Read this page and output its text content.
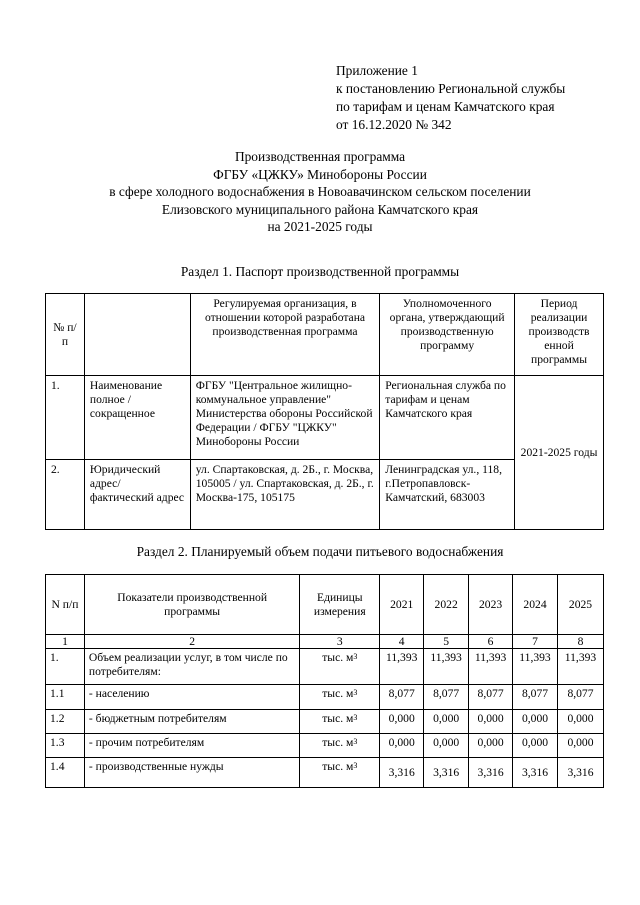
Приложение 1
к постановлению Региональной службы
по тарифам и ценам Камчатского края
от 16.12.2020 № 342
Производственная программа
ФГБУ «ЦЖКУ» Минобороны России
в сфере холодного водоснабжения в Новоавачинском сельском поселении
Елизовского муниципального района Камчатского края
на 2021-2025 годы
Раздел 1. Паспорт производственной программы
№ п/п		Регулируемая организация, в отношении которой разработана производственная программа	Уполномоченного органа, утверждающий производственную программу	Период реализации производств енной программы
1.	Наименование полное / сокращенное	ФГБУ "Центральное жилищно-коммунальное управление" Министерства обороны Российской Федерации / ФГБУ "ЦЖКУ" Минобороны России	Региональная служба по тарифам и ценам Камчатского края	2021-2025 годы
2.	Юридический адрес/ фактический адрес	ул. Спартаковская, д. 2Б., г. Москва, 105005 / ул. Спартаковская, д. 2Б., г. Москва-175, 105175	Ленинградская ул., 118, г.Петропавловск-Камчатский, 683003	
Раздел 2. Планируемый объем подачи питьевого водоснабжения
N п/п	Показатели производственной программы	Единицы измерения	2021	2022	2023	2024	2025
1	2	3	4	5	6	7	8
1.	Объем реализации услуг, в том числе по потребителям:	тыс. $м^3$	11,393	11,393	11,393	11,393	11,393
1.1	- населению	тыс. $м^3$	8,077	8,077	8,077	8,077	8,077
1.2	- бюджетным потребителям	тыс. $м^3$	0,000	0,000	0,000	0,000	0,000
1.3	- прочим потребителям	тыс. $м^3$	0,000	0,000	0,000	0,000	0,000
1.4	- производственные нужды	тыс. $м^3$	3,316	3,316	3,316	3,316	3,316
